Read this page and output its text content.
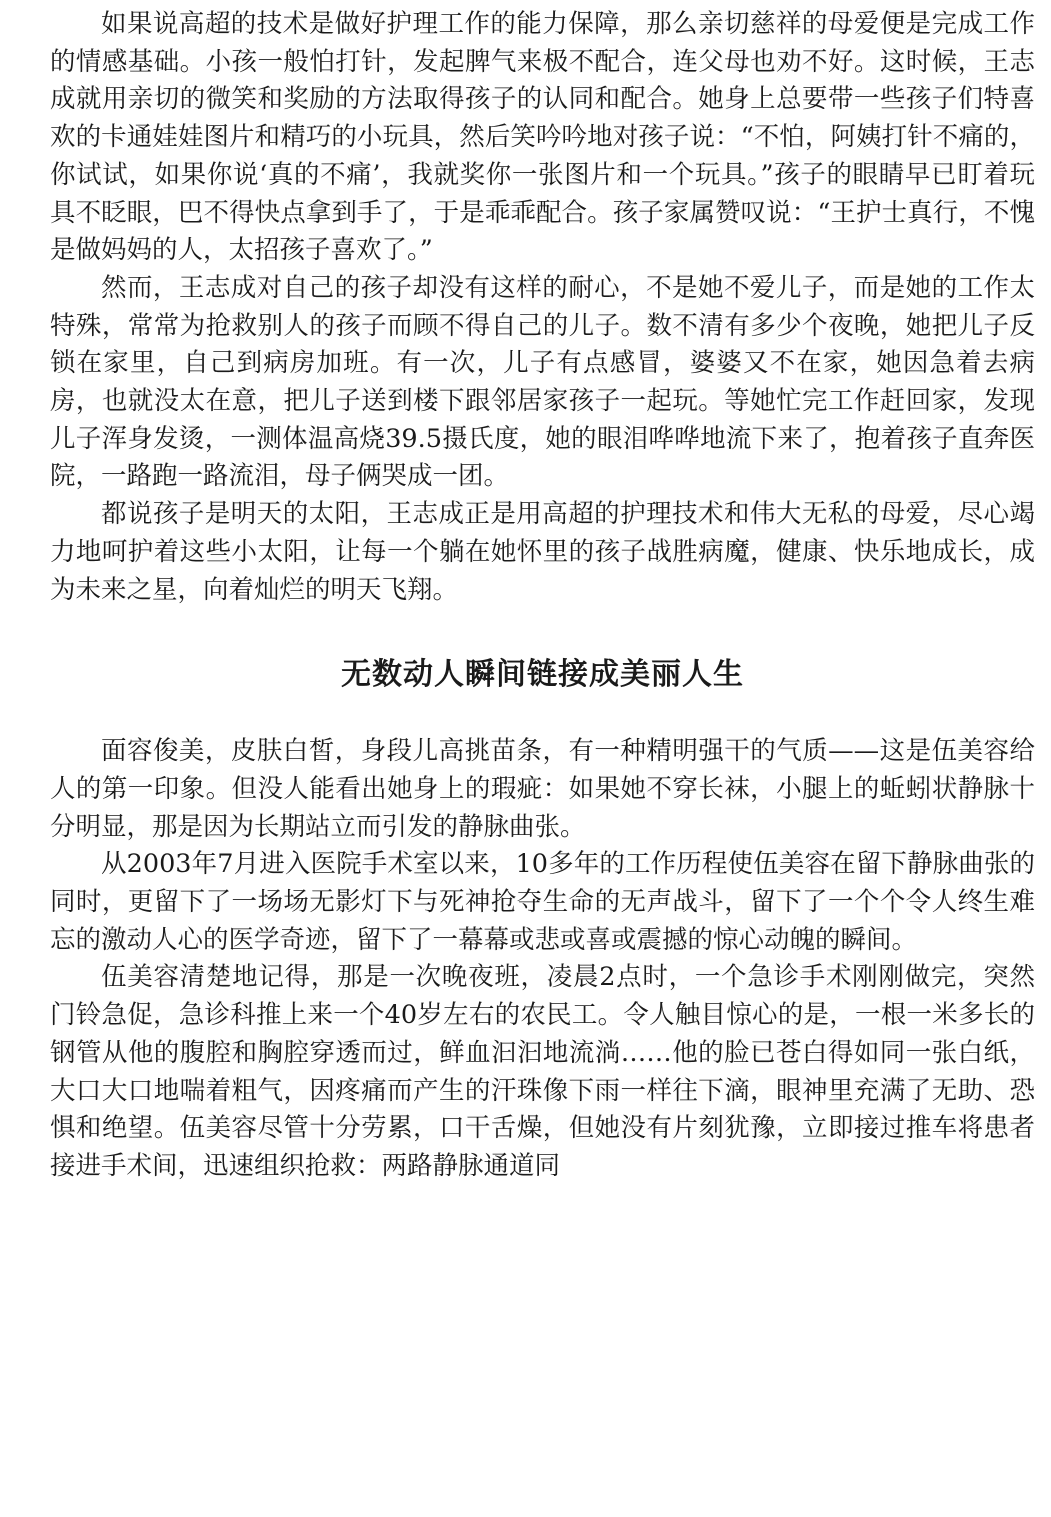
如果说高超的技术是做好护理工作的能力保障，那么亲切慈祥的母爱便是完成工作的情感基础。小孩一般怕打针，发起脾气来极不配合，连父母也劝不好。这时候，王志成就用亲切的微笑和奖励的方法取得孩子的认同和配合。她身上总要带一些孩子们特喜欢的卡通娃娃图片和精巧的小玩具，然后笑吟吟地对孩子说：“不怕，阿姨打针不痛的，你试试，如果你说‘真的不痛’，我就奖你一张图片和一个玩具。”孩子的眼睛早已盯着玩具不眨眼，巴不得快点拿到手了，于是乖乖配合。孩子家属赞叹说：“王护士真行，不愧是做妈妈的人，太招孩子喜欢了。”

然而，王志成对自己的孩子却没有这样的耐心，不是她不爱儿子，而是她的工作太特殊，常常为抢救别人的孩子而顾不得自己的儿子。数不清有多少个夜晚，她把儿子反锁在家里，自己到病房加班。有一次，儿子有点感冒，婆婆又不在家，她因急着去病房，也就没太在意，把儿子送到楼下跟邻居家孩子一起玩。等她忙完工作赶回家，发现儿子浑身发烫，一测体温高烧39.5摄氏度，她的眼泪哗哗地流下来了，抱着孩子直奔医院，一路跑一路流泪，母子俩哭成一团。

都说孩子是明天的太阳，王志成正是用高超的护理技术和伟大无私的母爱，尽心竭力地呵护着这些小太阳，让每一个躺在她怀里的孩子战胜病魔，健康、快乐地成长，成为未来之星，向着灿烂的明天飞翔。

无数动人瞬间链接成美丽人生

面容俊美，皮肤白皙，身段儿高挑苗条，有一种精明强干的气质——这是伍美容给人的第一印象。但没人能看出她身上的瑕疵：如果她不穿长袜，小腿上的蚯蚓状静脉十分明显，那是因为长期站立而引发的静脉曲张。

从2003年7月进入医院手术室以来，10多年的工作历程使伍美容在留下静脉曲张的同时，更留下了一场场无影灯下与死神抢夺生命的无声战斗，留下了一个个令人终生难忘的激动人心的医学奇迹，留下了一幕幕或悲或喜或震撼的惊心动魄的瞬间。

伍美容清楚地记得，那是一次晚夜班，凌晨2点时，一个急诊手术刚刚做完，突然门铃急促，急诊科推上来一个40岁左右的农民工。令人触目惊心的是，一根一米多长的钢管从他的腹腔和胸腔穿透而过，鲜血汩汩地流淌……他的脸已苍白得如同一张白纸，大口大口地喘着粗气，因疼痛而产生的汗珠像下雨一样往下滴，眼神里充满了无助、恐惧和绝望。伍美容尽管十分劳累，口干舌燥，但她没有片刻犹豫，立即接过推车将患者接进手术间，迅速组织抢救：两路静脉通道同
